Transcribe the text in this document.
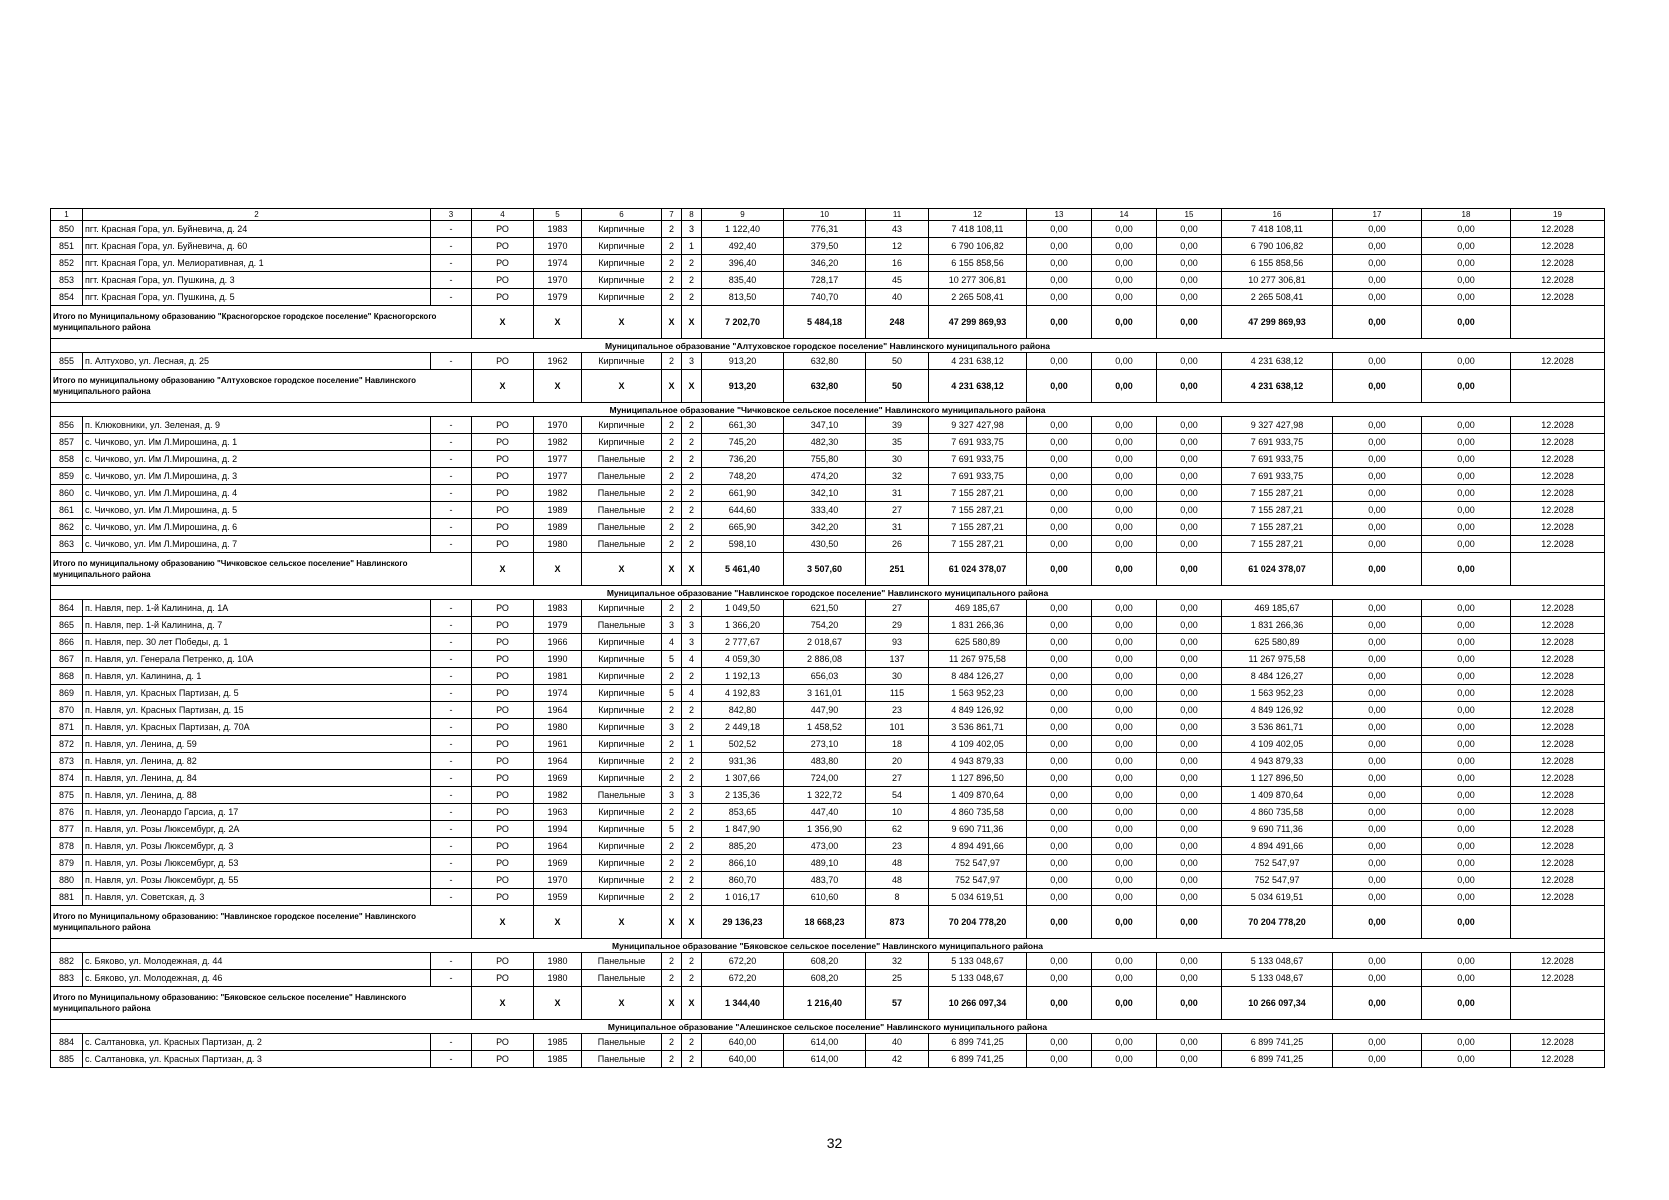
1	2	3	4	5	6	7	8	9	10	11	12	13	14	15	16	17	18	19
850	пгт. Красная Гора, ул. Буйневича, д. 24	-	РО	1983	Кирпичные	2	3	1 122,40	776,31	43	7 418 108,11	0,00	0,00	0,00	7 418 108,11	0,00	0,00	12.2028
851	пгт. Красная Гора, ул. Буйневича, д. 60	-	РО	1970	Кирпичные	2	1	492,40	379,50	12	6 790 106,82	0,00	0,00	0,00	6 790 106,82	0,00	0,00	12.2028
852	пгт. Красная Гора, ул. Мелиоративная, д. 1	-	РО	1974	Кирпичные	2	2	396,40	346,20	16	6 155 858,56	0,00	0,00	0,00	6 155 858,56	0,00	0,00	12.2028
853	пгт. Красная Гора, ул. Пушкина, д. 3	-	РО	1970	Кирпичные	2	2	835,40	728,17	45	10 277 306,81	0,00	0,00	0,00	10 277 306,81	0,00	0,00	12.2028
854	пгт. Красная Гора, ул. Пушкина, д. 5	-	РО	1979	Кирпичные	2	2	813,50	740,70	40	2 265 508,41	0,00	0,00	0,00	2 265 508,41	0,00	0,00	12.2028
Итого по Муниципальному образованию "Красногорское городское поселение" Красногорского муниципального района			X	X	X	X	X	7 202,70	5 484,18	248	47 299 869,93	0,00	0,00	0,00	47 299 869,93	0,00	0,00	
Муниципальное образование "Алтуховское городское поселение" Навлинского муниципального района																		
855	п. Алтухово, ул. Лесная, д. 25	-	РО	1962	Кирпичные	2	3	913,20	632,80	50	4 231 638,12	0,00	0,00	0,00	4 231 638,12	0,00	0,00	12.2028
Итого по муниципальному образованию "Алтуховское городское поселение" Навлинского муниципального района			X	X	X	X	X	913,20	632,80	50	4 231 638,12	0,00	0,00	0,00	4 231 638,12	0,00	0,00	
Муниципальное образование "Чичковское сельское поселение" Навлинского муниципального района																		
856	п. Клюковники, ул. Зеленая, д. 9	-	РО	1970	Кирпичные	2	2	661,30	347,10	39	9 327 427,98	0,00	0,00	0,00	9 327 427,98	0,00	0,00	12.2028
857	с. Чичково, ул. Им Л.Мирошина, д. 1	-	РО	1982	Кирпичные	2	2	745,20	482,30	35	7 691 933,75	0,00	0,00	0,00	7 691 933,75	0,00	0,00	12.2028
858	с. Чичково, ул. Им Л.Мирошина, д. 2	-	РО	1977	Панельные	2	2	736,20	755,80	30	7 691 933,75	0,00	0,00	0,00	7 691 933,75	0,00	0,00	12.2028
859	с. Чичково, ул. Им Л.Мирошина, д. 3	-	РО	1977	Панельные	2	2	748,20	474,20	32	7 691 933,75	0,00	0,00	0,00	7 691 933,75	0,00	0,00	12.2028
860	с. Чичково, ул. Им Л.Мирошина, д. 4	-	РО	1982	Панельные	2	2	661,90	342,10	31	7 155 287,21	0,00	0,00	0,00	7 155 287,21	0,00	0,00	12.2028
861	с. Чичково, ул. Им Л.Мирошина, д. 5	-	РО	1989	Панельные	2	2	644,60	333,40	27	7 155 287,21	0,00	0,00	0,00	7 155 287,21	0,00	0,00	12.2028
862	с. Чичково, ул. Им Л.Мирошина, д. 6	-	РО	1989	Панельные	2	2	665,90	342,20	31	7 155 287,21	0,00	0,00	0,00	7 155 287,21	0,00	0,00	12.2028
863	с. Чичково, ул. Им Л.Мирошина, д. 7	-	РО	1980	Панельные	2	2	598,10	430,50	26	7 155 287,21	0,00	0,00	0,00	7 155 287,21	0,00	0,00	12.2028
Итого по муниципальному образованию "Чичковское сельское поселение" Навлинского муниципального района			X	X	X	X	X	5 461,40	3 507,60	251	61 024 378,07	0,00	0,00	0,00	61 024 378,07	0,00	0,00	
Муниципальное образование "Навлинское городское поселение" Навлинского муниципального района																		
864	п. Навля, пер. 1-й Калинина, д. 1А	-	РО	1983	Кирпичные	2	2	1 049,50	621,50	27	469 185,67	0,00	0,00	0,00	469 185,67	0,00	0,00	12.2028
865	п. Навля, пер. 1-й Калинина, д. 7	-	РО	1979	Панельные	3	3	1 366,20	754,20	29	1 831 266,36	0,00	0,00	0,00	1 831 266,36	0,00	0,00	12.2028
866	п. Навля, пер. 30 лет Победы, д. 1	-	РО	1966	Кирпичные	4	3	2 777,67	2 018,67	93	625 580,89	0,00	0,00	0,00	625 580,89	0,00	0,00	12.2028
867	п. Навля, ул. Генерала Петренко, д. 10А	-	РО	1990	Кирпичные	5	4	4 059,30	2 886,08	137	11 267 975,58	0,00	0,00	0,00	11 267 975,58	0,00	0,00	12.2028
868	п. Навля, ул. Калинина, д. 1	-	РО	1981	Кирпичные	2	2	1 192,13	656,03	30	8 484 126,27	0,00	0,00	0,00	8 484 126,27	0,00	0,00	12.2028
869	п. Навля, ул. Красных Партизан, д. 5	-	РО	1974	Кирпичные	5	4	4 192,83	3 161,01	115	1 563 952,23	0,00	0,00	0,00	1 563 952,23	0,00	0,00	12.2028
870	п. Навля, ул. Красных Партизан, д. 15	-	РО	1964	Кирпичные	2	2	842,80	447,90	23	4 849 126,92	0,00	0,00	0,00	4 849 126,92	0,00	0,00	12.2028
871	п. Навля, ул. Красных Партизан, д. 70А	-	РО	1980	Кирпичные	3	2	2 449,18	1 458,52	101	3 536 861,71	0,00	0,00	0,00	3 536 861,71	0,00	0,00	12.2028
872	п. Навля, ул. Ленина, д. 59	-	РО	1961	Кирпичные	2	1	502,52	273,10	18	4 109 402,05	0,00	0,00	0,00	4 109 402,05	0,00	0,00	12.2028
873	п. Навля, ул. Ленина, д. 82	-	РО	1964	Кирпичные	2	2	931,36	483,80	20	4 943 879,33	0,00	0,00	0,00	4 943 879,33	0,00	0,00	12.2028
874	п. Навля, ул. Ленина, д. 84	-	РО	1969	Кирпичные	2	2	1 307,66	724,00	27	1 127 896,50	0,00	0,00	0,00	1 127 896,50	0,00	0,00	12.2028
875	п. Навля, ул. Ленина, д. 88	-	РО	1982	Панельные	3	3	2 135,36	1 322,72	54	1 409 870,64	0,00	0,00	0,00	1 409 870,64	0,00	0,00	12.2028
876	п. Навля, ул. Леонардо Гарсиа, д. 17	-	РО	1963	Кирпичные	2	2	853,65	447,40	10	4 860 735,58	0,00	0,00	0,00	4 860 735,58	0,00	0,00	12.2028
877	п. Навля, ул. Розы Люксембург, д. 2А	-	РО	1994	Кирпичные	5	2	1 847,90	1 356,90	62	9 690 711,36	0,00	0,00	0,00	9 690 711,36	0,00	0,00	12.2028
878	п. Навля, ул. Розы Люксембург, д. 3	-	РО	1964	Кирпичные	2	2	885,20	473,00	23	4 894 491,66	0,00	0,00	0,00	4 894 491,66	0,00	0,00	12.2028
879	п. Навля, ул. Розы Люксембург, д. 53	-	РО	1969	Кирпичные	2	2	866,10	489,10	48	752 547,97	0,00	0,00	0,00	752 547,97	0,00	0,00	12.2028
880	п. Навля, ул. Розы Люксембург, д. 55	-	РО	1970	Кирпичные	2	2	860,70	483,70	48	752 547,97	0,00	0,00	0,00	752 547,97	0,00	0,00	12.2028
881	п. Навля, ул. Советская, д. 3	-	РО	1959	Кирпичные	2	2	1 016,17	610,60	8	5 034 619,51	0,00	0,00	0,00	5 034 619,51	0,00	0,00	12.2028
Итого по Муниципальному образованию: "Навлинское городское поселение" Навлинского муниципального района			X	X	X	X	X	29 136,23	18 668,23	873	70 204 778,20	0,00	0,00	0,00	70 204 778,20	0,00	0,00	
Муниципальное образование "Бяковское сельское поселение" Навлинского муниципального района																		
882	с. Бяково, ул. Молодежная, д. 44	-	РО	1980	Панельные	2	2	672,20	608,20	32	5 133 048,67	0,00	0,00	0,00	5 133 048,67	0,00	0,00	12.2028
883	с. Бяково, ул. Молодежная, д. 46	-	РО	1980	Панельные	2	2	672,20	608,20	25	5 133 048,67	0,00	0,00	0,00	5 133 048,67	0,00	0,00	12.2028
Итого по Муниципальному образованию: "Бяковское сельское поселение" Навлинского муниципального района			X	X	X	X	X	1 344,40	1 216,40	57	10 266 097,34	0,00	0,00	0,00	10 266 097,34	0,00	0,00	
Муниципальное образование "Алешинское сельское поселение" Навлинского муниципального района																		
884	с. Салтановка, ул. Красных Партизан, д. 2	-	РО	1985	Панельные	2	2	640,00	614,00	40	6 899 741,25	0,00	0,00	0,00	6 899 741,25	0,00	0,00	12.2028
885	с. Салтановка, ул. Красных Партизан, д. 3	-	РО	1985	Панельные	2	2	640,00	614,00	42	6 899 741,25	0,00	0,00	0,00	6 899 741,25	0,00	0,00	12.2028
32
